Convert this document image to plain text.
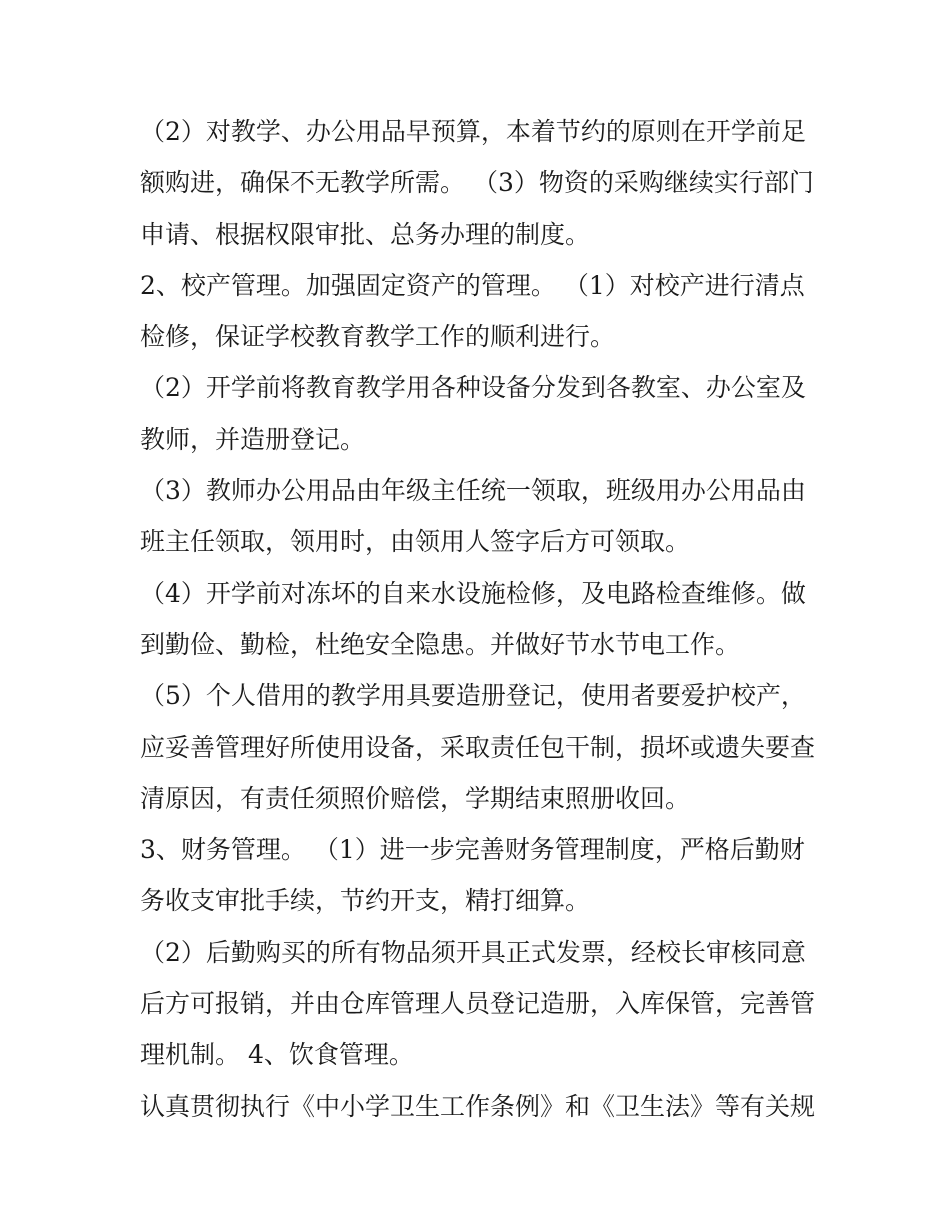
（2）对教学、办公用品早预算，本着节约的原则在开学前足

额购进，确保不无教学所需。 （3）物资的采购继续实行部门

申请、根据权限审批、总务办理的制度。

2、校产管理。加强固定资产的管理。 （1）对校产进行清点

检修，保证学校教育教学工作的顺利进行。

（2）开学前将教育教学用各种设备分发到各教室、办公室及

教师，并造册登记。

（3）教师办公用品由年级主任统一领取，班级用办公用品由

班主任领取，领用时，由领用人签字后方可领取。

（4）开学前对冻坏的自来水设施检修，及电路检查维修。做

到勤俭、勤检，杜绝安全隐患。并做好节水节电工作。

（5）个人借用的教学用具要造册登记，使用者要爱护校产，

应妥善管理好所使用设备，采取责任包干制，损坏或遗失要查

清原因，有责任须照价赔偿，学期结束照册收回。

3、财务管理。 （1）进一步完善财务管理制度，严格后勤财

务收支审批手续，节约开支，精打细算。

（2）后勤购买的所有物品须开具正式发票，经校长审核同意

后方可报销，并由仓库管理人员登记造册，入库保管，完善管

理机制。 4、饮食管理。

认真贯彻执行《中小学卫生工作条例》和《卫生法》等有关规
